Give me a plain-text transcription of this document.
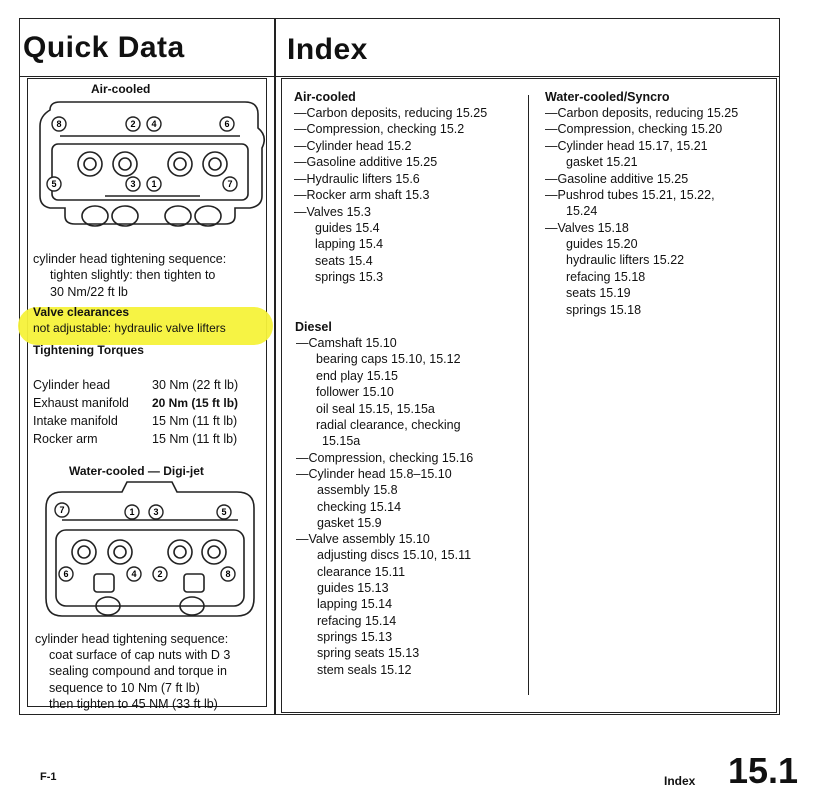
Quick Data	Index
Air-cooled
8	2 4	6
5	3 1	7
cylinder head tightening sequence:
tighten slightly: then tighten to
30 Nm/22 ft lb
Valve clearances
not adjustable: hydraulic valve lifters
Tightening Torques
Cylinder head	30 Nm (22 ft lb)
Exhaust manifold 20 Nm (15 ft lb)
Intake manifold	15 Nm (11 ft lb)
Rocker arm	15 Nm (11 ft lb)
Water-cooled — Digi-jet
7	1 3	5
6	4 2	8
cylinder head tightening sequence:
coat surface of cap nuts with D 3
sealing compound and torque in
sequence to 10 Nm (7 ft lb)
then tighten to 45 NM (33 ft lb)
Air-cooled
—Carbon deposits, reducing 15.25
—Compression, checking 15.2
—Cylinder head 15.2
—Gasoline additive 15.25
—Hydraulic lifters 15.6
—Rocker arm shaft 15.3
—Valves 15.3
guides 15.4
lapping 15.4
seats 15.4
springs 15.3
Diesel
—Camshaft 15.10
bearing caps 15.10, 15.12
end play 15.15
follower 15.10
oil seal 15.15, 15.15a
radial clearance, checking
15.15a
—Compression, checking 15.16
—Cylinder head 15.8–15.10
assembly 15.8
checking 15.14
gasket 15.9
—Valve assembly 15.10
adjusting discs 15.10, 15.11
clearance 15.11
guides 15.13
lapping 15.14
refacing 15.14
springs 15.13
spring seats 15.13
stem seals 15.12
Water-cooled/Syncro
—Carbon deposits, reducing 15.25
—Compression, checking 15.20
—Cylinder head 15.17, 15.21
gasket 15.21
—Gasoline additive 15.25
—Pushrod tubes 15.21, 15.22,
15.24
—Valves 15.18
guides 15.20
hydraulic lifters 15.22
refacing 15.18
seats 15.19
springs 15.18
F-1	Index 15.1
